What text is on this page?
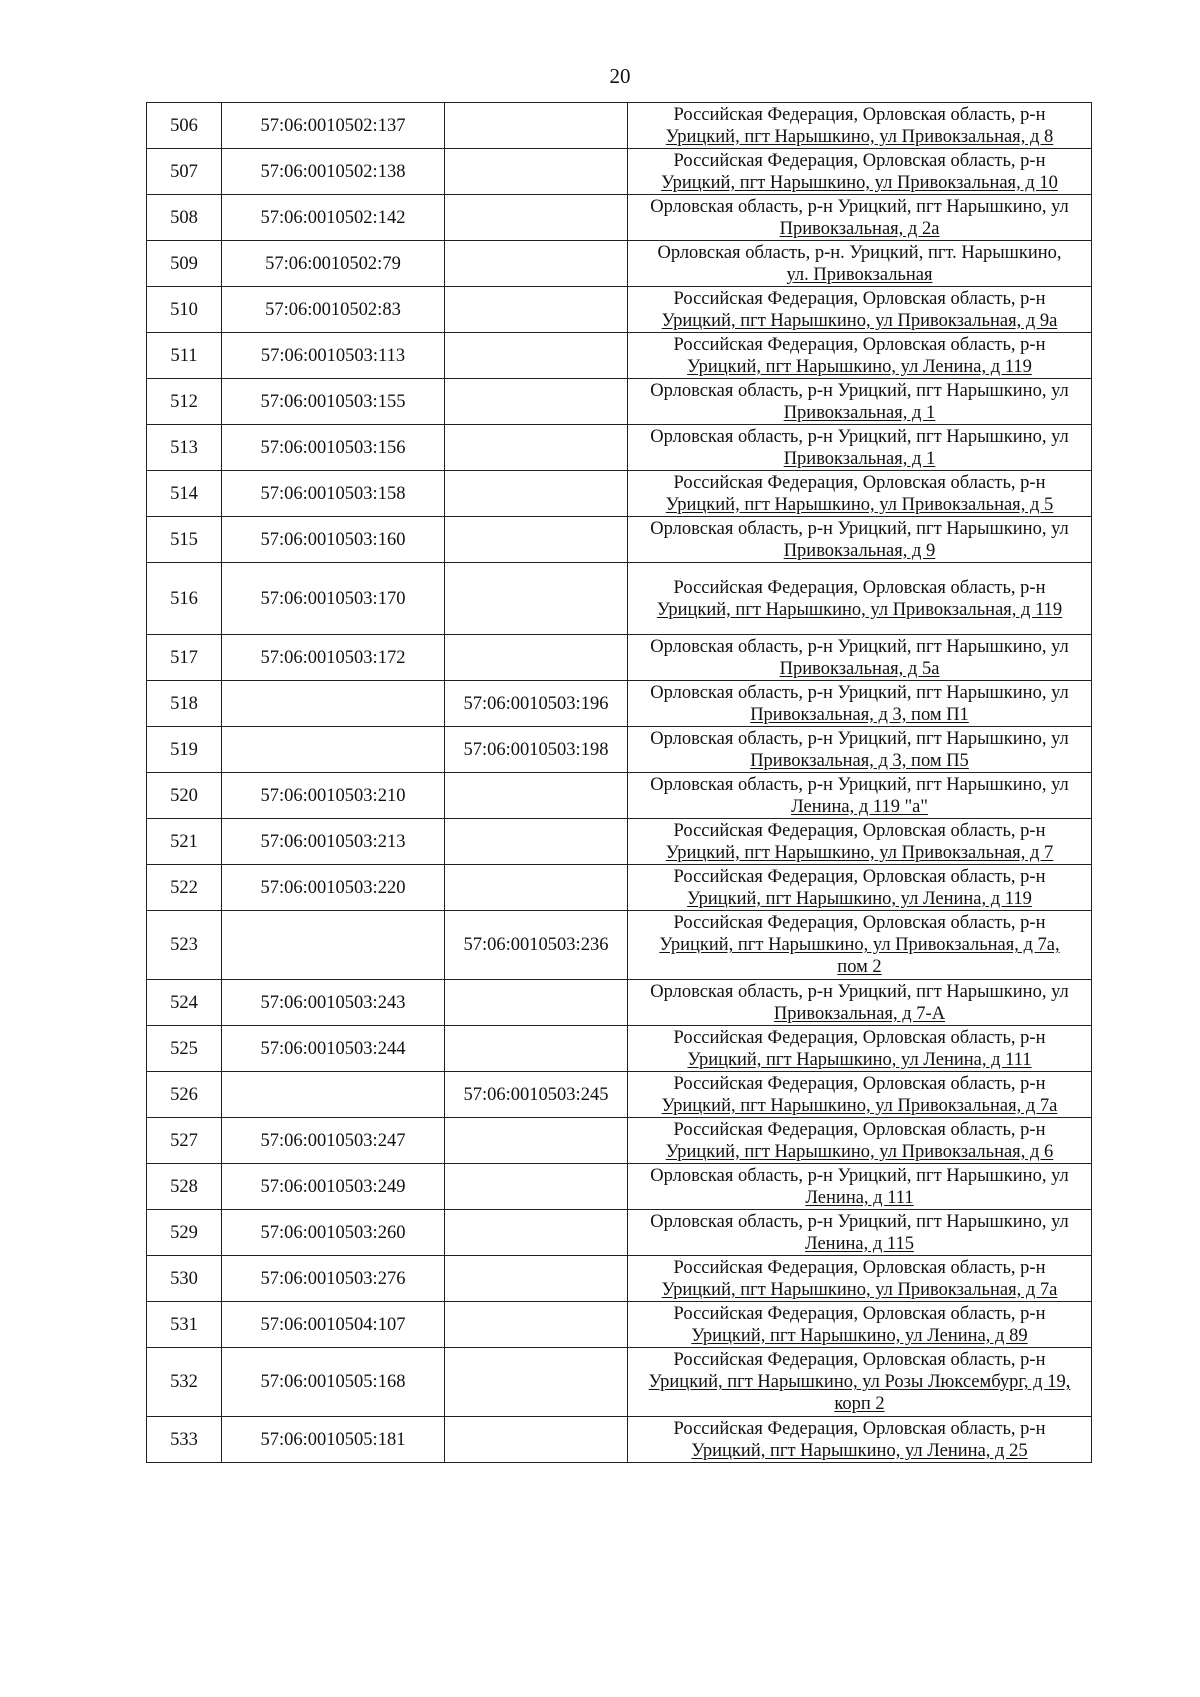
20
506	57:06:0010502:137		Российская Федерация, Орловская область, р-н
Урицкий, пгт Нарышкино, ул Привокзальная, д 8

507	57:06:0010502:138		Российская Федерация, Орловская область, р-н
Урицкий, пгт Нарышкино, ул Привокзальная, д 10

508	57:06:0010502:142		Орловская область, р-н Урицкий, пгт Нарышкино, ул
Привокзальная, д 2а

509	57:06:0010502:79		Орловская область, р-н. Урицкий, пгт. Нарышкино,
ул. Привокзальная

510	57:06:0010502:83		Российская Федерация, Орловская область, р-н
Урицкий, пгт Нарышкино, ул Привокзальная, д 9а

511	57:06:0010503:113		Российская Федерация, Орловская область, р-н
Урицкий, пгт Нарышкино, ул Ленина, д 119

512	57:06:0010503:155		Орловская область, р-н Урицкий, пгт Нарышкино, ул
Привокзальная, д 1

513	57:06:0010503:156		Орловская область, р-н Урицкий, пгт Нарышкино, ул
Привокзальная, д 1

514	57:06:0010503:158		Российская Федерация, Орловская область, р-н
Урицкий, пгт Нарышкино, ул Привокзальная, д 5

515	57:06:0010503:160		Орловская область, р-н Урицкий, пгт Нарышкино, ул
Привокзальная, д 9

516	57:06:0010503:170		Российская Федерация, Орловская область, р-н
Урицкий, пгт Нарышкино, ул Привокзальная, д 119

517	57:06:0010503:172		Орловская область, р-н Урицкий, пгт Нарышкино, ул
Привокзальная, д 5а

518		57:06:0010503:196	Орловская область, р-н Урицкий, пгт Нарышкино, ул
Привокзальная, д 3, пом П1

519		57:06:0010503:198	Орловская область, р-н Урицкий, пгт Нарышкино, ул
Привокзальная, д 3, пом П5

520	57:06:0010503:210		Орловская область, р-н Урицкий, пгт Нарышкино, ул
Ленина, д 119 "а"

521	57:06:0010503:213		Российская Федерация, Орловская область, р-н
Урицкий, пгт Нарышкино, ул Привокзальная, д 7

522	57:06:0010503:220		Российская Федерация, Орловская область, р-н
Урицкий, пгт Нарышкино, ул Ленина, д 119

523		57:06:0010503:236	Российская Федерация, Орловская область, р-н
Урицкий, пгт Нарышкино, ул Привокзальная, д 7а,
пом 2

524	57:06:0010503:243		Орловская область, р-н Урицкий, пгт Нарышкино, ул
Привокзальная, д 7-А

525	57:06:0010503:244		Российская Федерация, Орловская область, р-н
Урицкий, пгт Нарышкино, ул Ленина, д 111

526		57:06:0010503:245	Российская Федерация, Орловская область, р-н
Урицкий, пгт Нарышкино, ул Привокзальная, д 7а

527	57:06:0010503:247		Российская Федерация, Орловская область, р-н
Урицкий, пгт Нарышкино, ул Привокзальная, д 6

528	57:06:0010503:249		Орловская область, р-н Урицкий, пгт Нарышкино, ул
Ленина, д 111

529	57:06:0010503:260		Орловская область, р-н Урицкий, пгт Нарышкино, ул
Ленина, д 115

530	57:06:0010503:276		Российская Федерация, Орловская область, р-н
Урицкий, пгт Нарышкино, ул Привокзальная, д 7а

531	57:06:0010504:107		Российская Федерация, Орловская область, р-н
Урицкий, пгт Нарышкино, ул Ленина, д 89

532	57:06:0010505:168		Российская Федерация, Орловская область, р-н
Урицкий, пгт Нарышкино, ул Розы Люксембург, д 19,
корп 2

533	57:06:0010505:181		Российская Федерация, Орловская область, р-н
Урицкий, пгт Нарышкино, ул Ленина, д 25
